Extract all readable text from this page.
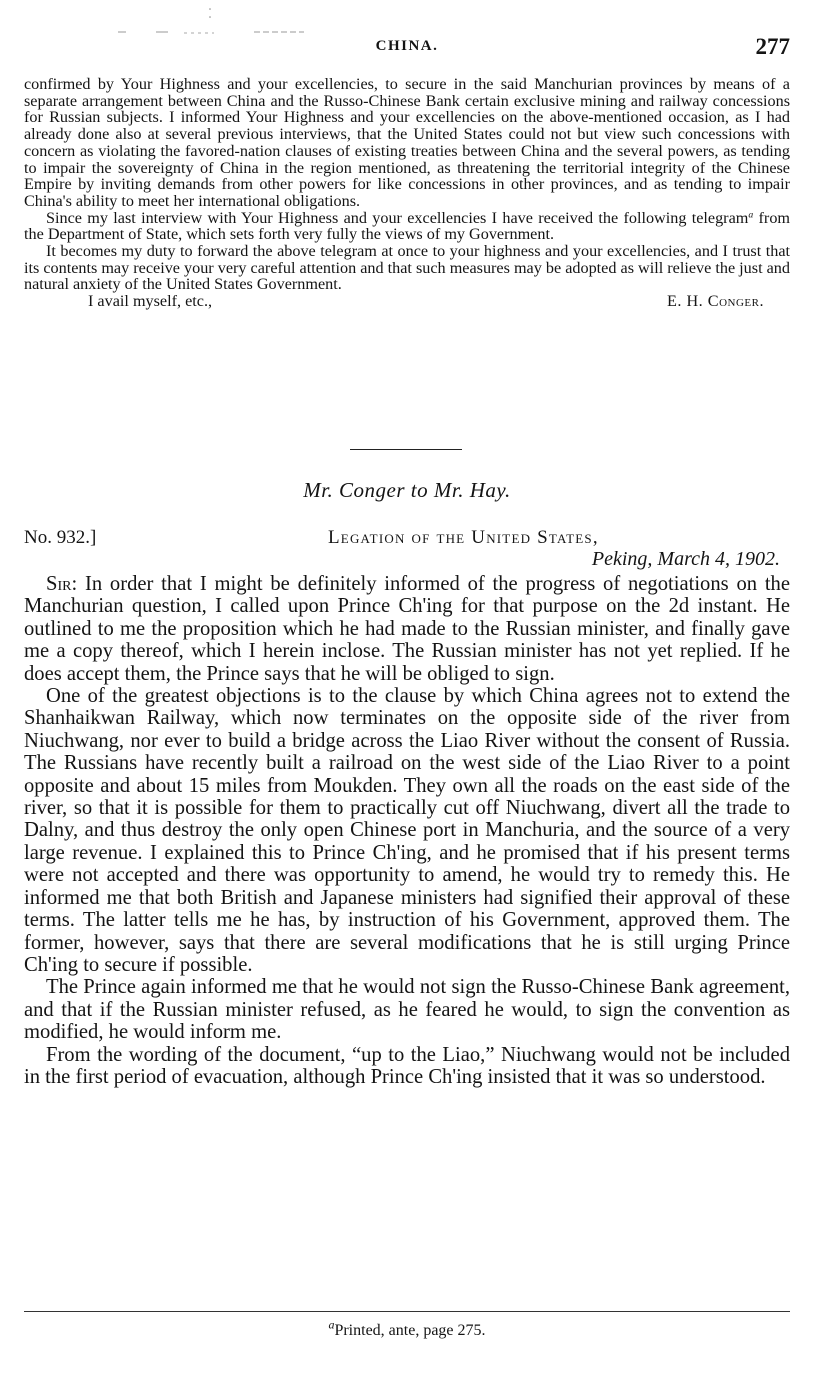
CHINA.	277

confirmed by Your Highness and your excellencies, to secure in the said Manchurian provinces by means of a separate arrangement between China and the Russo-Chinese Bank certain exclusive mining and railway concessions for Russian subjects. I informed Your Highness and your excellencies on the above-mentioned occasion, as I had already done also at several previous interviews, that the United States could not but view such concessions with concern as violating the favored-nation clauses of existing treaties between China and the several powers, as tending to impair the sovereignty of China in the region mentioned, as threatening the territorial integrity of the Chinese Empire by inviting demands from other powers for like concessions in other provinces, and as tending to impair China's ability to meet her international obligations.

Since my last interview with Your Highness and your excellencies I have received the following telegram$^a$ from the Department of State, which sets forth very fully the views of my Government.

It becomes my duty to forward the above telegram at once to your highness and your excellencies, and I trust that its contents may receive your very careful attention and that such measures may be adopted as will relieve the just and natural anxiety of the United States Government.

I avail myself, etc.,	E. H. Conger.
Mr. Conger to Mr. Hay.
No. 932.]	Legation of the United States,
Peking, March 4, 1902.

Sir: In order that I might be definitely informed of the progress of negotiations on the Manchurian question, I called upon Prince Ch'ing for that purpose on the 2d instant. He outlined to me the proposition which he had made to the Russian minister, and finally gave me a copy thereof, which I herein inclose. The Russian minister has not yet replied. If he does accept them, the Prince says that he will be obliged to sign.

One of the greatest objections is to the clause by which China agrees not to extend the Shanhaikwan Railway, which now terminates on the opposite side of the river from Niuchwang, nor ever to build a bridge across the Liao River without the consent of Russia. The Russians have recently built a railroad on the west side of the Liao River to a point opposite and about 15 miles from Moukden. They own all the roads on the east side of the river, so that it is possible for them to practically cut off Niuchwang, divert all the trade to Dalny, and thus destroy the only open Chinese port in Manchuria, and the source of a very large revenue. I explained this to Prince Ch'ing, and he promised that if his present terms were not accepted and there was opportunity to amend, he would try to remedy this. He informed me that both British and Japanese ministers had signified their approval of these terms. The latter tells me he has, by instruction of his Government, approved them. The former, however, says that there are several modifications that he is still urging Prince Ch'ing to secure if possible.

The Prince again informed me that he would not sign the Russo-Chinese Bank agreement, and that if the Russian minister refused, as he feared he would, to sign the convention as modified, he would inform me.

From the wording of the document, “up to the Liao,” Niuchwang would not be included in the first period of evacuation, although Prince Ch'ing insisted that it was so understood.

$^a$Printed, ante, page 275.
